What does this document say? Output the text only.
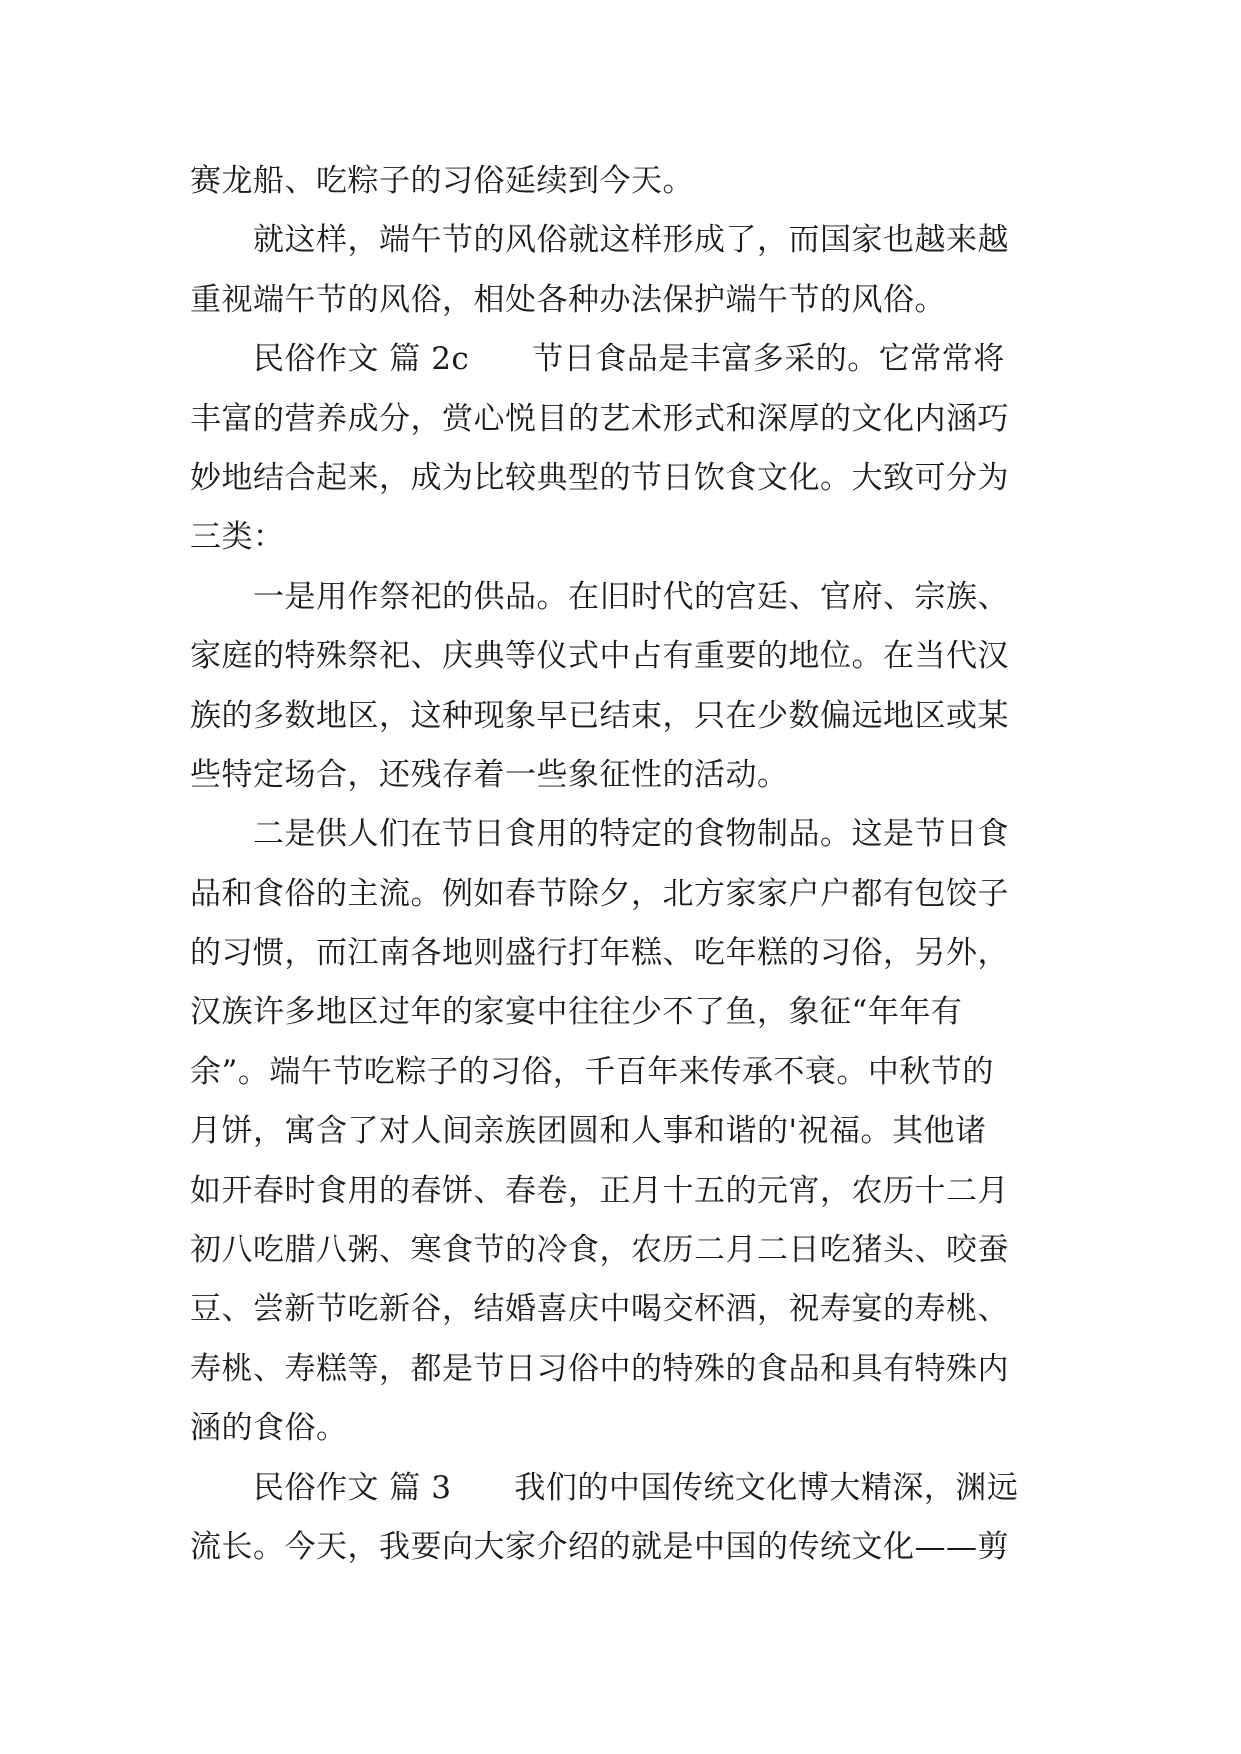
赛龙船、吃粽子的习俗延续到今天。
　　就这样，端午节的风俗就这样形成了，而国家也越来越
重视端午节的风俗，相处各种办法保护端午节的风俗。
　　民俗作文 篇 2c　　节日食品是丰富多采的。它常常将
丰富的营养成分，赏心悦目的艺术形式和深厚的文化内涵巧
妙地结合起来，成为比较典型的节日饮食文化。大致可分为
三类：
　　一是用作祭祀的供品。在旧时代的宫廷、官府、宗族、
家庭的特殊祭祀、庆典等仪式中占有重要的地位。在当代汉
族的多数地区，这种现象早已结束，只在少数偏远地区或某
些特定场合，还残存着一些象征性的活动。
　　二是供人们在节日食用的特定的食物制品。这是节日食
品和食俗的主流。例如春节除夕，北方家家户户都有包饺子
的习惯，而江南各地则盛行打年糕、吃年糕的习俗，另外，
汉族许多地区过年的家宴中往往少不了鱼，象征“年年有
余”。端午节吃粽子的习俗，千百年来传承不衰。中秋节的
月饼，寓含了对人间亲族团圆和人事和谐的'祝福。其他诸
如开春时食用的春饼、春卷，正月十五的元宵，农历十二月
初八吃腊八粥、寒食节的冷食，农历二月二日吃猪头、咬蚕
豆、尝新节吃新谷，结婚喜庆中喝交杯酒，祝寿宴的寿桃、
寿桃、寿糕等，都是节日习俗中的特殊的食品和具有特殊内
涵的食俗。
　　民俗作文 篇 3　　我们的中国传统文化博大精深，渊远
流长。今天，我要向大家介绍的就是中国的传统文化——剪
